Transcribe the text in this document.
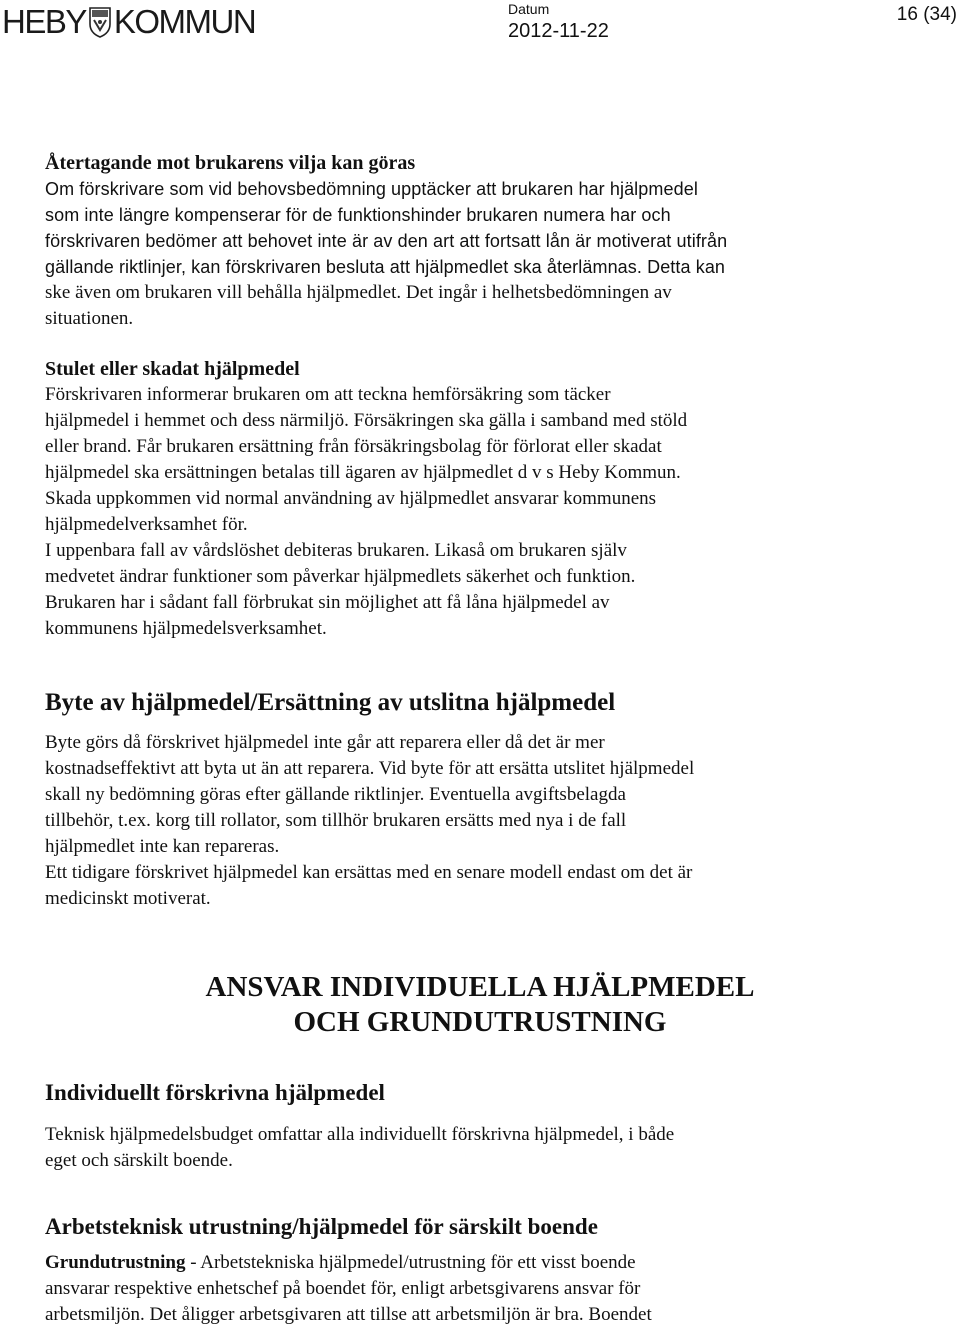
HEBY KOMMUN	Datum
2012-11-22
16 (34)

Återtagande mot brukarens vilja kan göras

Om förskrivare som vid behovsbedömning upptäcker att brukaren har hjälpmedel

som inte längre kompenserar för de funktionshinder brukaren numera har och

förskrivaren bedömer att behovet inte är av den art att fortsatt lån är motiverat utifrån

gällande riktlinjer, kan förskrivaren besluta att hjälpmedlet ska återlämnas. Detta kan

ske även om brukaren vill behålla hjälpmedlet. Det ingår i helhetsbedömningen av

situationen.

Stulet eller skadat hjälpmedel

Förskrivaren informerar brukaren om att teckna hemförsäkring som täcker

hjälpmedel i hemmet och dess närmiljö. Försäkringen ska gälla i samband med stöld

eller brand. Får brukaren ersättning från försäkringsbolag för förlorat eller skadat

hjälpmedel ska ersättningen betalas till ägaren av hjälpmedlet d v s Heby Kommun.

Skada uppkommen vid normal användning av hjälpmedlet ansvarar kommunens

hjälpmedelverksamhet för.

I uppenbara fall av vårdslöshet debiteras brukaren. Likaså om brukaren själv

medvetet ändrar funktioner som påverkar hjälpmedlets säkerhet och funktion.

Brukaren har i sådant fall förbrukat sin möjlighet att få låna hjälpmedel av

kommunens hjälpmedelsverksamhet.

Byte av hjälpmedel/Ersättning av utslitna hjälpmedel

Byte görs då förskrivet hjälpmedel inte går att reparera eller då det är mer

kostnadseffektivt att byta ut än att reparera. Vid byte för att ersätta utslitet hjälpmedel

skall ny bedömning göras efter gällande riktlinjer. Eventuella avgiftsbelagda

tillbehör, t.ex. korg till rollator, som tillhör brukaren ersätts med nya i de fall

hjälpmedlet inte kan repareras.

Ett tidigare förskrivet hjälpmedel kan ersättas med en senare modell endast om det är

medicinskt motiverat.

ANSVAR INDIVIDUELLA HJÄLPMEDEL

OCH GRUNDUTRUSTNING

Individuellt förskrivna hjälpmedel

Teknisk hjälpmedelsbudget omfattar alla individuellt förskrivna hjälpmedel, i både

eget och särskilt boende.

Arbetsteknisk utrustning/hjälpmedel för särskilt boende

Grundutrustning - Arbetstekniska hjälpmedel/utrustning för ett visst boende

ansvarar respektive enhetschef på boendet för, enligt arbetsgivarens ansvar för

arbetsmiljön. Det åligger arbetsgivaren att tillse att arbetsmiljön är bra. Boendet
